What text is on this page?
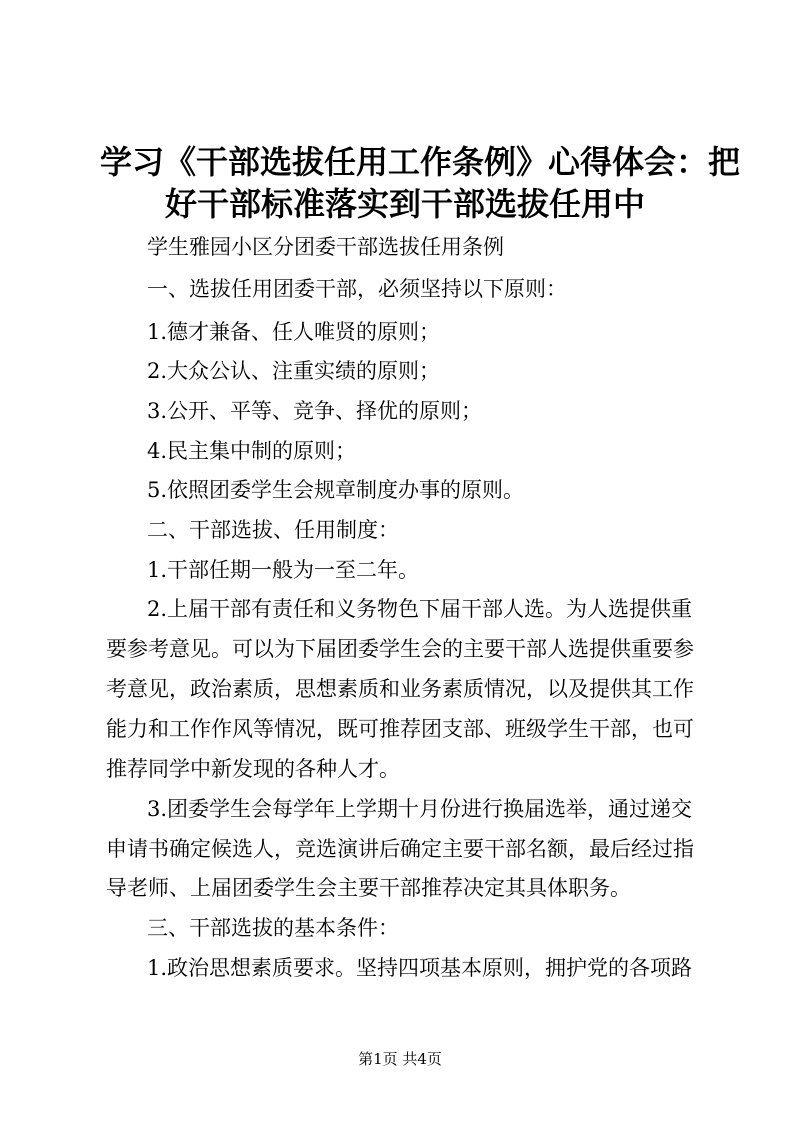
学习《干部选拔任用工作条例》心得体会：把
好干部标准落实到干部选拔任用中

学生雅园小区分团委干部选拔任用条例

一、选拔任用团委干部，必须坚持以下原则：

1.德才兼备、任人唯贤的原则；

2.大众公认、注重实绩的原则；

3.公开、平等、竞争、择优的原则；

4.民主集中制的原则；

5.依照团委学生会规章制度办事的原则。

二、干部选拔、任用制度：

1.干部任期一般为一至二年。

2.上届干部有责任和义务物色下届干部人选。为人选提供重

要参考意见。可以为下届团委学生会的主要干部人选提供重要参

考意见，政治素质，思想素质和业务素质情况，以及提供其工作

能力和工作作风等情况，既可推荐团支部、班级学生干部，也可

推荐同学中新发现的各种人才。

3.团委学生会每学年上学期十月份进行换届选举，通过递交

申请书确定候选人，竞选演讲后确定主要干部名额，最后经过指

导老师、上届团委学生会主要干部推荐决定其具体职务。

三、干部选拔的基本条件：

1.政治思想素质要求。坚持四项基本原则，拥护党的各项路

第1页 共4页
